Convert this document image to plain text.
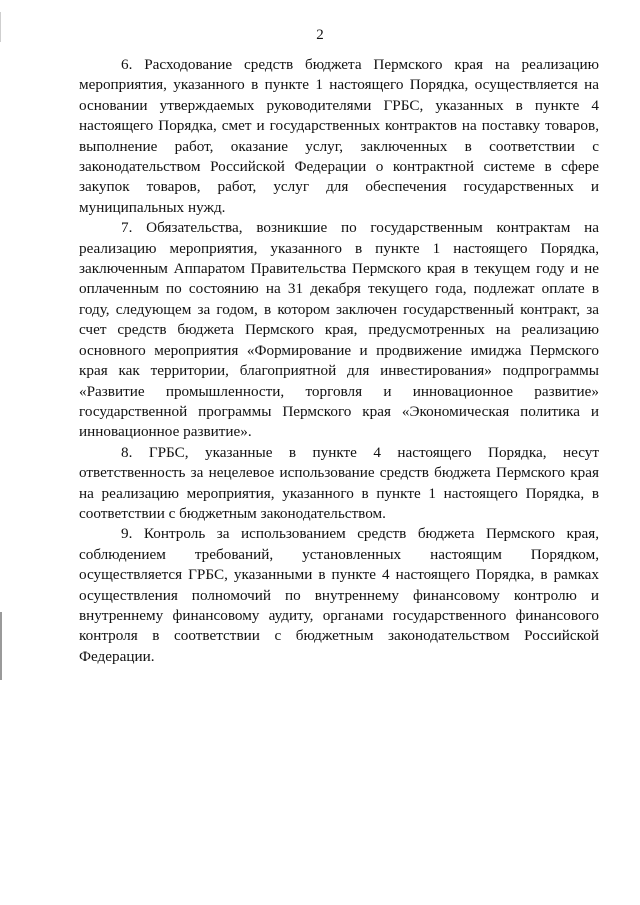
2

6. Расходование средств бюджета Пермского края на реализацию мероприятия, указанного в пункте 1 настоящего Порядка, осуществляется на основании утверждаемых руководителями ГРБС, указанных в пункте 4 настоящего Порядка, смет и государственных контрактов на поставку товаров, выполнение работ, оказание услуг, заключенных в соответствии с законодательством Российской Федерации о контрактной системе в сфере закупок товаров, работ, услуг для обеспечения государственных и муниципальных нужд.

7. Обязательства, возникшие по государственным контрактам на реализацию мероприятия, указанного в пункте 1 настоящего Порядка, заключенным Аппаратом Правительства Пермского края в текущем году и не оплаченным по состоянию на 31 декабря текущего года, подлежат оплате в году, следующем за годом, в котором заключен государственный контракт, за счет средств бюджета Пермского края, предусмотренных на реализацию основного мероприятия «Формирование и продвижение имиджа Пермского края как территории, благоприятной для инвестирования» подпрограммы «Развитие промышленности, торговля и инновационное развитие» государственной программы Пермского края «Экономическая политика и инновационное развитие».

8. ГРБС, указанные в пункте 4 настоящего Порядка, несут ответственность за нецелевое использование средств бюджета Пермского края на реализацию мероприятия, указанного в пункте 1 настоящего Порядка, в соответствии с бюджетным законодательством.

9. Контроль за использованием средств бюджета Пермского края, соблюдением требований, установленных настоящим Порядком, осуществляется ГРБС, указанными в пункте 4 настоящего Порядка, в рамках осуществления полномочий по внутреннему финансовому контролю и внутреннему финансовому аудиту, органами государственного финансового контроля в соответствии с бюджетным законодательством Российской Федерации.
